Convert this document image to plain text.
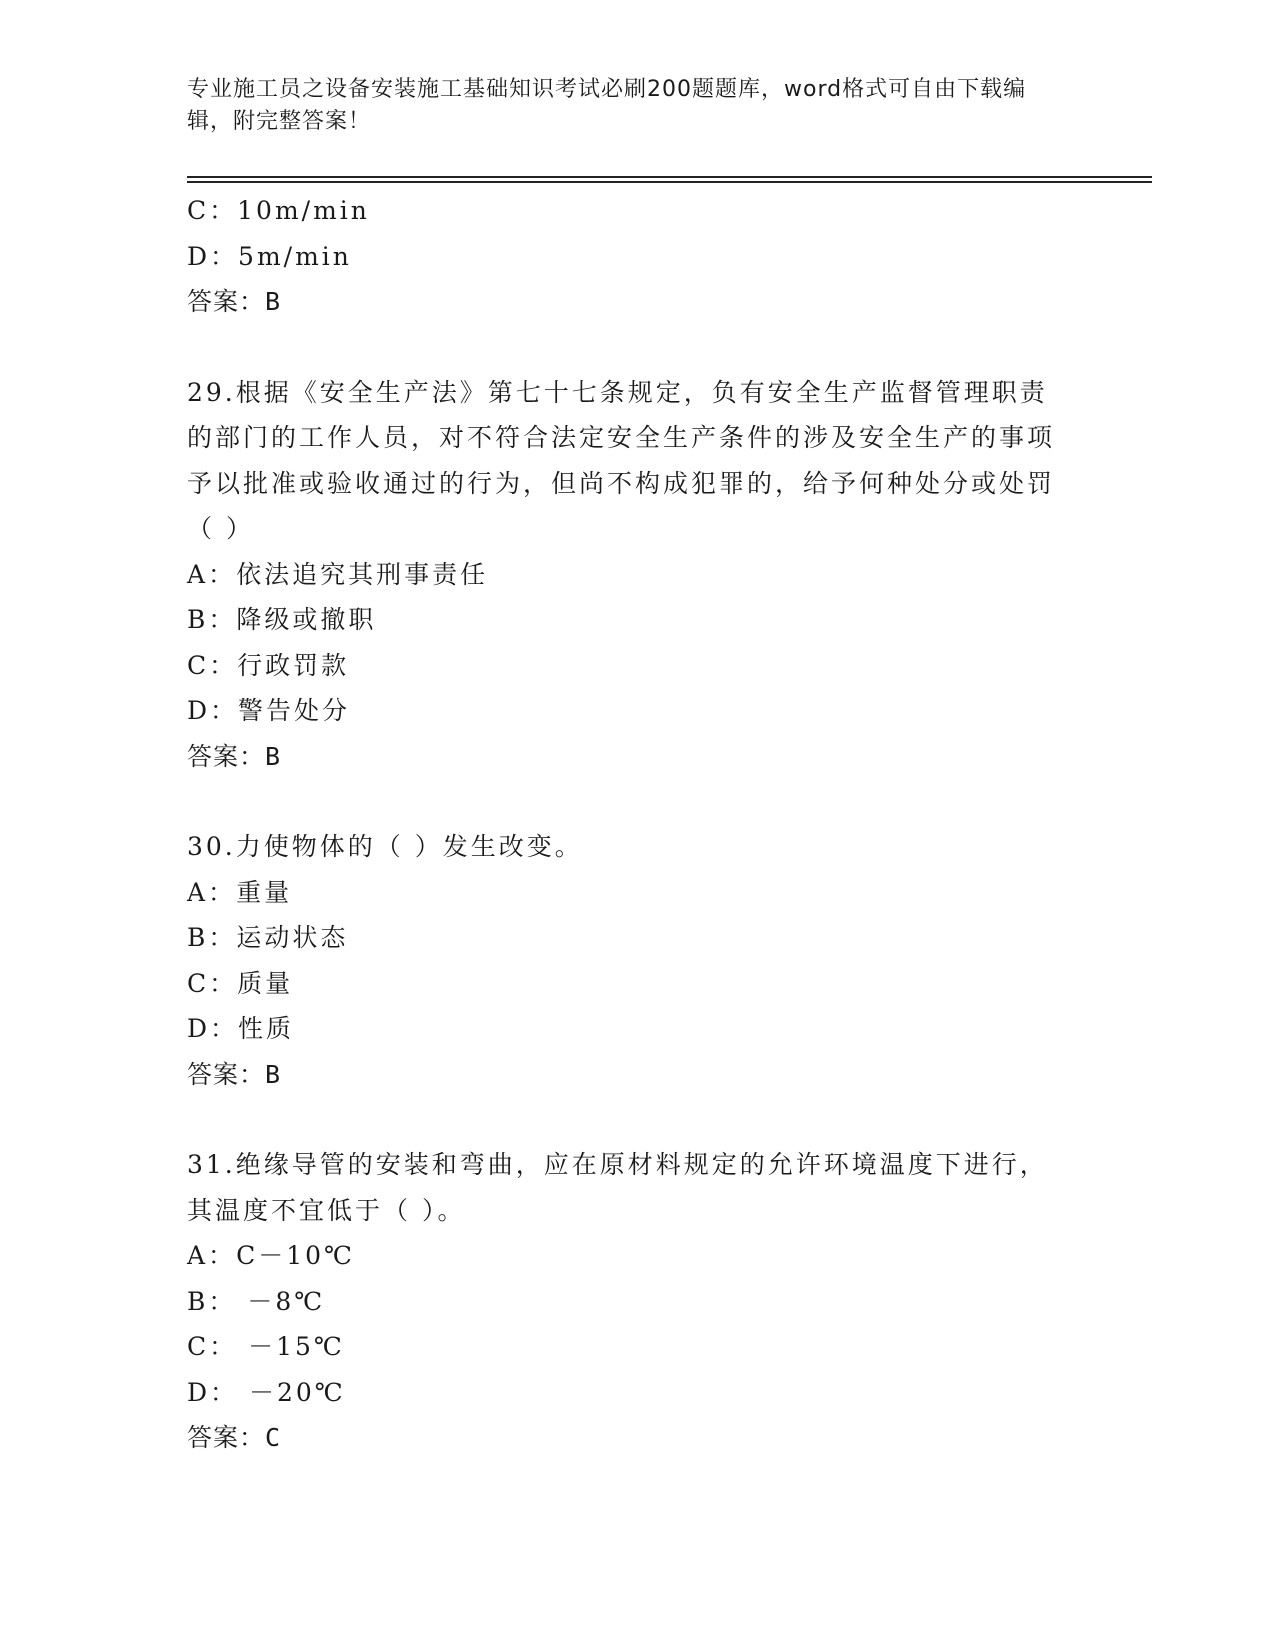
专业施工员之设备安装施工基础知识考试必刷200题题库，word格式可自由下载编辑，附完整答案！
C：10m/min
D：5m/min
答案：B
29.根据《安全生产法》第七十七条规定，负有安全生产监督管理职责的部门的工作人员，对不符合法定安全生产条件的涉及安全生产的事项予以批准或验收通过的行为，但尚不构成犯罪的，给予何种处分或处罚（ ）
A：依法追究其刑事责任
B：降级或撤职
C：行政罚款
D：警告处分
答案：B
30.力使物体的（ ）发生改变。
A：重量
B：运动状态
C：质量
D：性质
答案：B
31.绝缘导管的安装和弯曲，应在原材料规定的允许环境温度下进行，其温度不宜低于（ ）。
A：C－10℃
B： －8℃
C： －15℃
D： －20℃
答案：C
